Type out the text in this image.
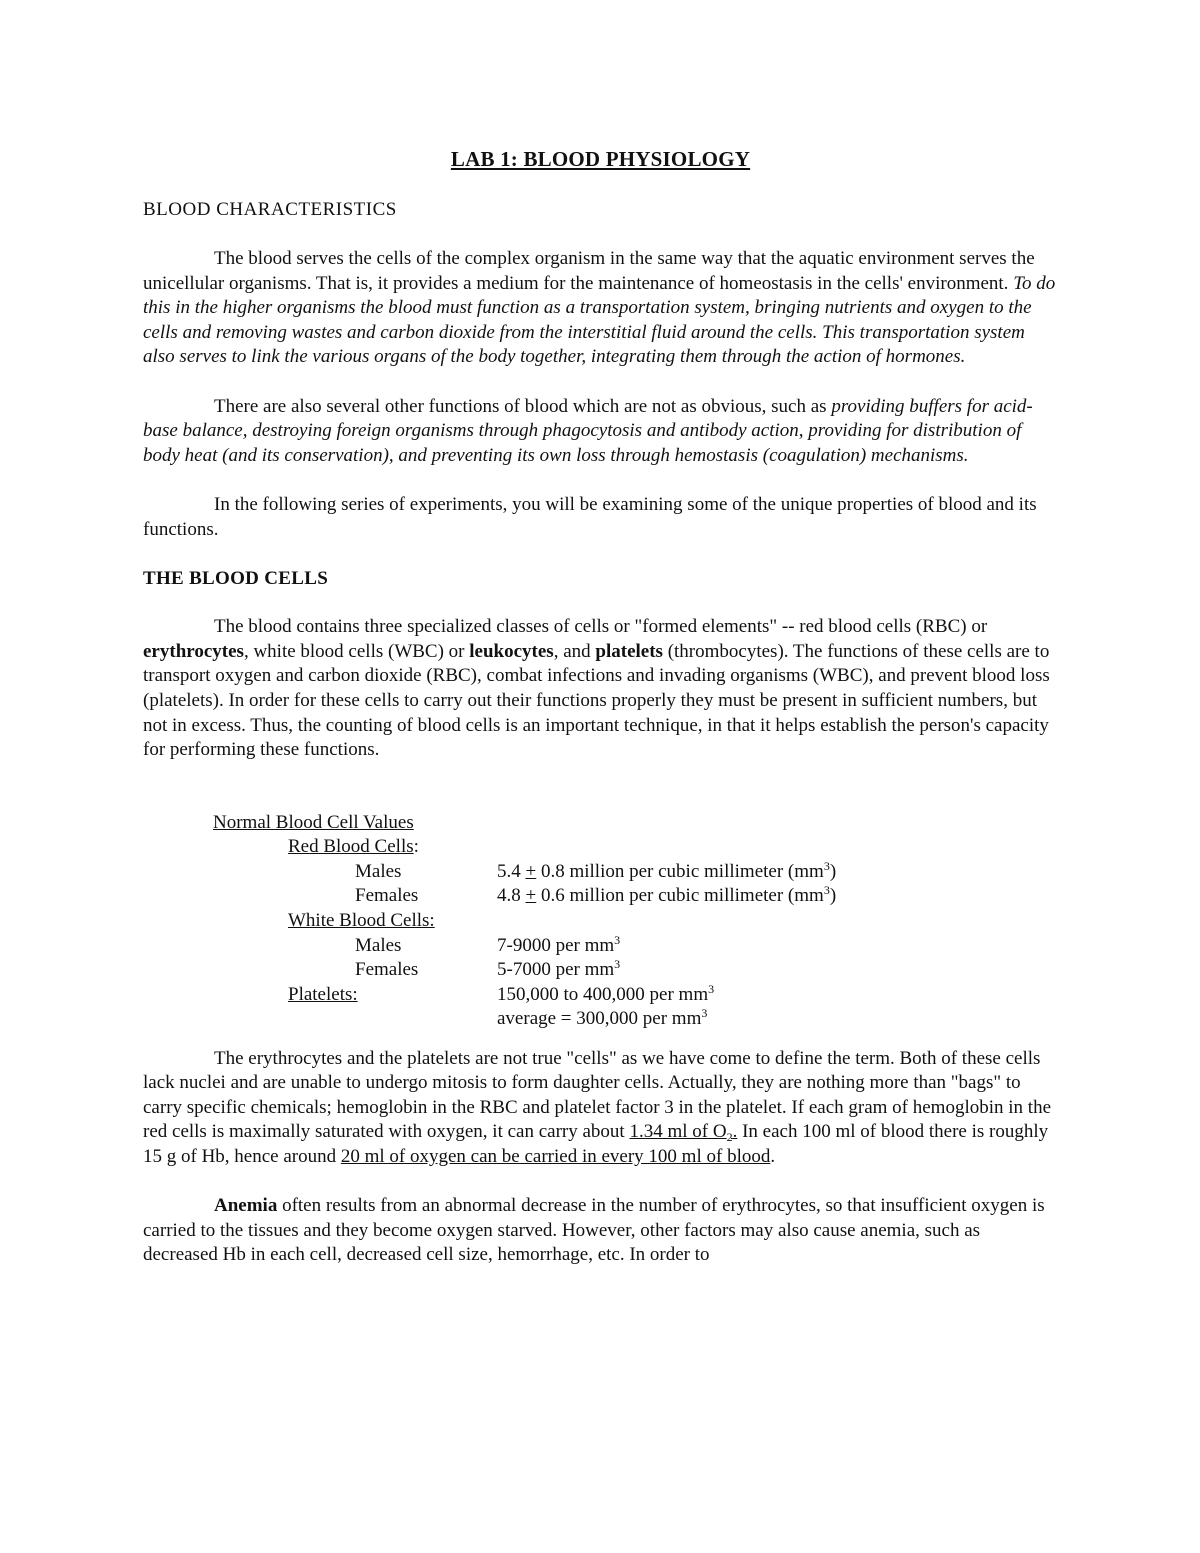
LAB 1: BLOOD PHYSIOLOGY
BLOOD CHARACTERISTICS

The blood serves the cells of the complex organism in the same way that the aquatic environment serves the unicellular organisms. That is, it provides a medium for the maintenance of homeostasis in the cells' environment. To do this in the higher organisms the blood must function as a transportation system, bringing nutrients and oxygen to the cells and removing wastes and carbon dioxide from the interstitial fluid around the cells. This transportation system also serves to link the various organs of the body together, integrating them through the action of hormones.

There are also several other functions of blood which are not as obvious, such as providing buffers for acid-base balance, destroying foreign organisms through phagocytosis and antibody action, providing for distribution of body heat (and its conservation), and preventing its own loss through hemostasis (coagulation) mechanisms.

In the following series of experiments, you will be examining some of the unique properties of blood and its functions.

THE BLOOD CELLS

The blood contains three specialized classes of cells or "formed elements" -- red blood cells (RBC) or erythrocytes, white blood cells (WBC) or leukocytes, and platelets (thrombocytes). The functions of these cells are to transport oxygen and carbon dioxide (RBC), combat infections and invading organisms (WBC), and prevent blood loss (platelets). In order for these cells to carry out their functions properly they must be present in sufficient numbers, but not in excess. Thus, the counting of blood cells is an important technique, in that it helps establish the person's capacity for performing these functions.

Normal Blood Cell Values
Red Blood Cells:
Males	5.4 + 0.8 million per cubic millimeter $(mm^3)$
Females	4.8 + 0.6 million per cubic millimeter $(mm^3)$
White Blood Cells:
Males	7-9000 per $mm^3$
Females	5-7000 per $mm^3$
Platelets:	150,000 to 400,000 per $mm^3$
average = 300,000 per $mm^3$

The erythrocytes and the platelets are not true "cells" as we have come to define the term. Both of these cells lack nuclei and are unable to undergo mitosis to form daughter cells. Actually, they are nothing more than "bags" to carry specific chemicals; hemoglobin in the RBC and platelet factor 3 in the platelet. If each gram of hemoglobin in the red cells is maximally saturated with oxygen, it can carry about 1.34 ml of $O_2$. In each 100 ml of blood there is roughly 15 g of Hb, hence around 20 ml of oxygen can be carried in every 100 ml of blood.

Anemia often results from an abnormal decrease in the number of erythrocytes, so that insufficient oxygen is carried to the tissues and they become oxygen starved. However, other factors may also cause anemia, such as decreased Hb in each cell, decreased cell size, hemorrhage, etc. In order to
